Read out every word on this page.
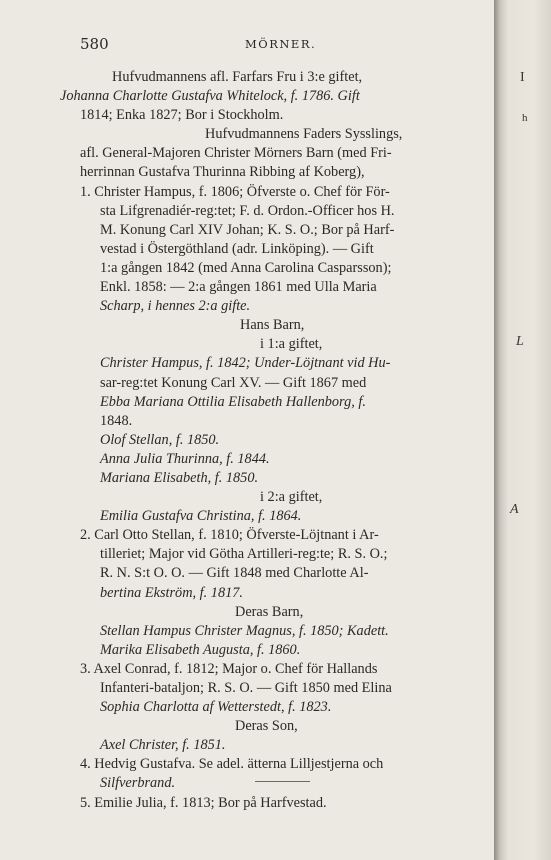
580	MÖRNER.
Hufvudmannens afl. Farfars Fru i 3:e giftet,
Johanna Charlotte Gustafva Whitelock, f. 1786. Gift
1814; Enka 1827; Bor i Stockholm.
Hufvudmannens Faders Sysslings,
afl. General-Majoren Christer Mörners Barn (med Fri-
herrinnan Gustafva Thurinna Ribbing af Koberg),
1. Christer Hampus, f. 1806; Öfverste o. Chef för För-
sta Lifgrenadiér-reg:tet; F. d. Ordon.-Officer hos H.
M. Konung Carl XIV Johan; K. S. O.; Bor på Harf-
vestad i Östergöthland (adr. Linköping). — Gift
1:a gången 1842 (med Anna Carolina Casparsson);
Enkl. 1858: — 2:a gången 1861 med Ulla Maria
Scharp, i hennes 2:a gifte.
Hans Barn,
i 1:a giftet,
Christer Hampus, f. 1842; Under-Löjtnant vid Hu-
sar-reg:tet Konung Carl XV. — Gift 1867 med
Ebba Mariana Ottilia Elisabeth Hallenborg, f.
1848.
Olof Stellan, f. 1850.
Anna Julia Thurinna, f. 1844.
Mariana Elisabeth, f. 1850.
i 2:a giftet,
Emilia Gustafva Christina, f. 1864.
2. Carl Otto Stellan, f. 1810; Öfverste-Löjtnant i Ar-
tilleriet; Major vid Götha Artilleri-reg:te; R. S. O.;
R. N. S:t O. O. — Gift 1848 med Charlotte Al-
bertina Ekström, f. 1817.
Deras Barn,
Stellan Hampus Christer Magnus, f. 1850; Kadett.
Marika Elisabeth Augusta, f. 1860.
3. Axel Conrad, f. 1812; Major o. Chef för Hallands
Infanteri-bataljon; R. S. O. — Gift 1850 med Elina
Sophia Charlotta af Wetterstedt, f. 1823.
Deras Son,
Axel Christer, f. 1851.
4. Hedvig Gustafva. Se adel. ätterna Lilljestjerna och
Silfverbrand.
5. Emilie Julia, f. 1813; Bor på Harfvestad.
I
h
L
A
